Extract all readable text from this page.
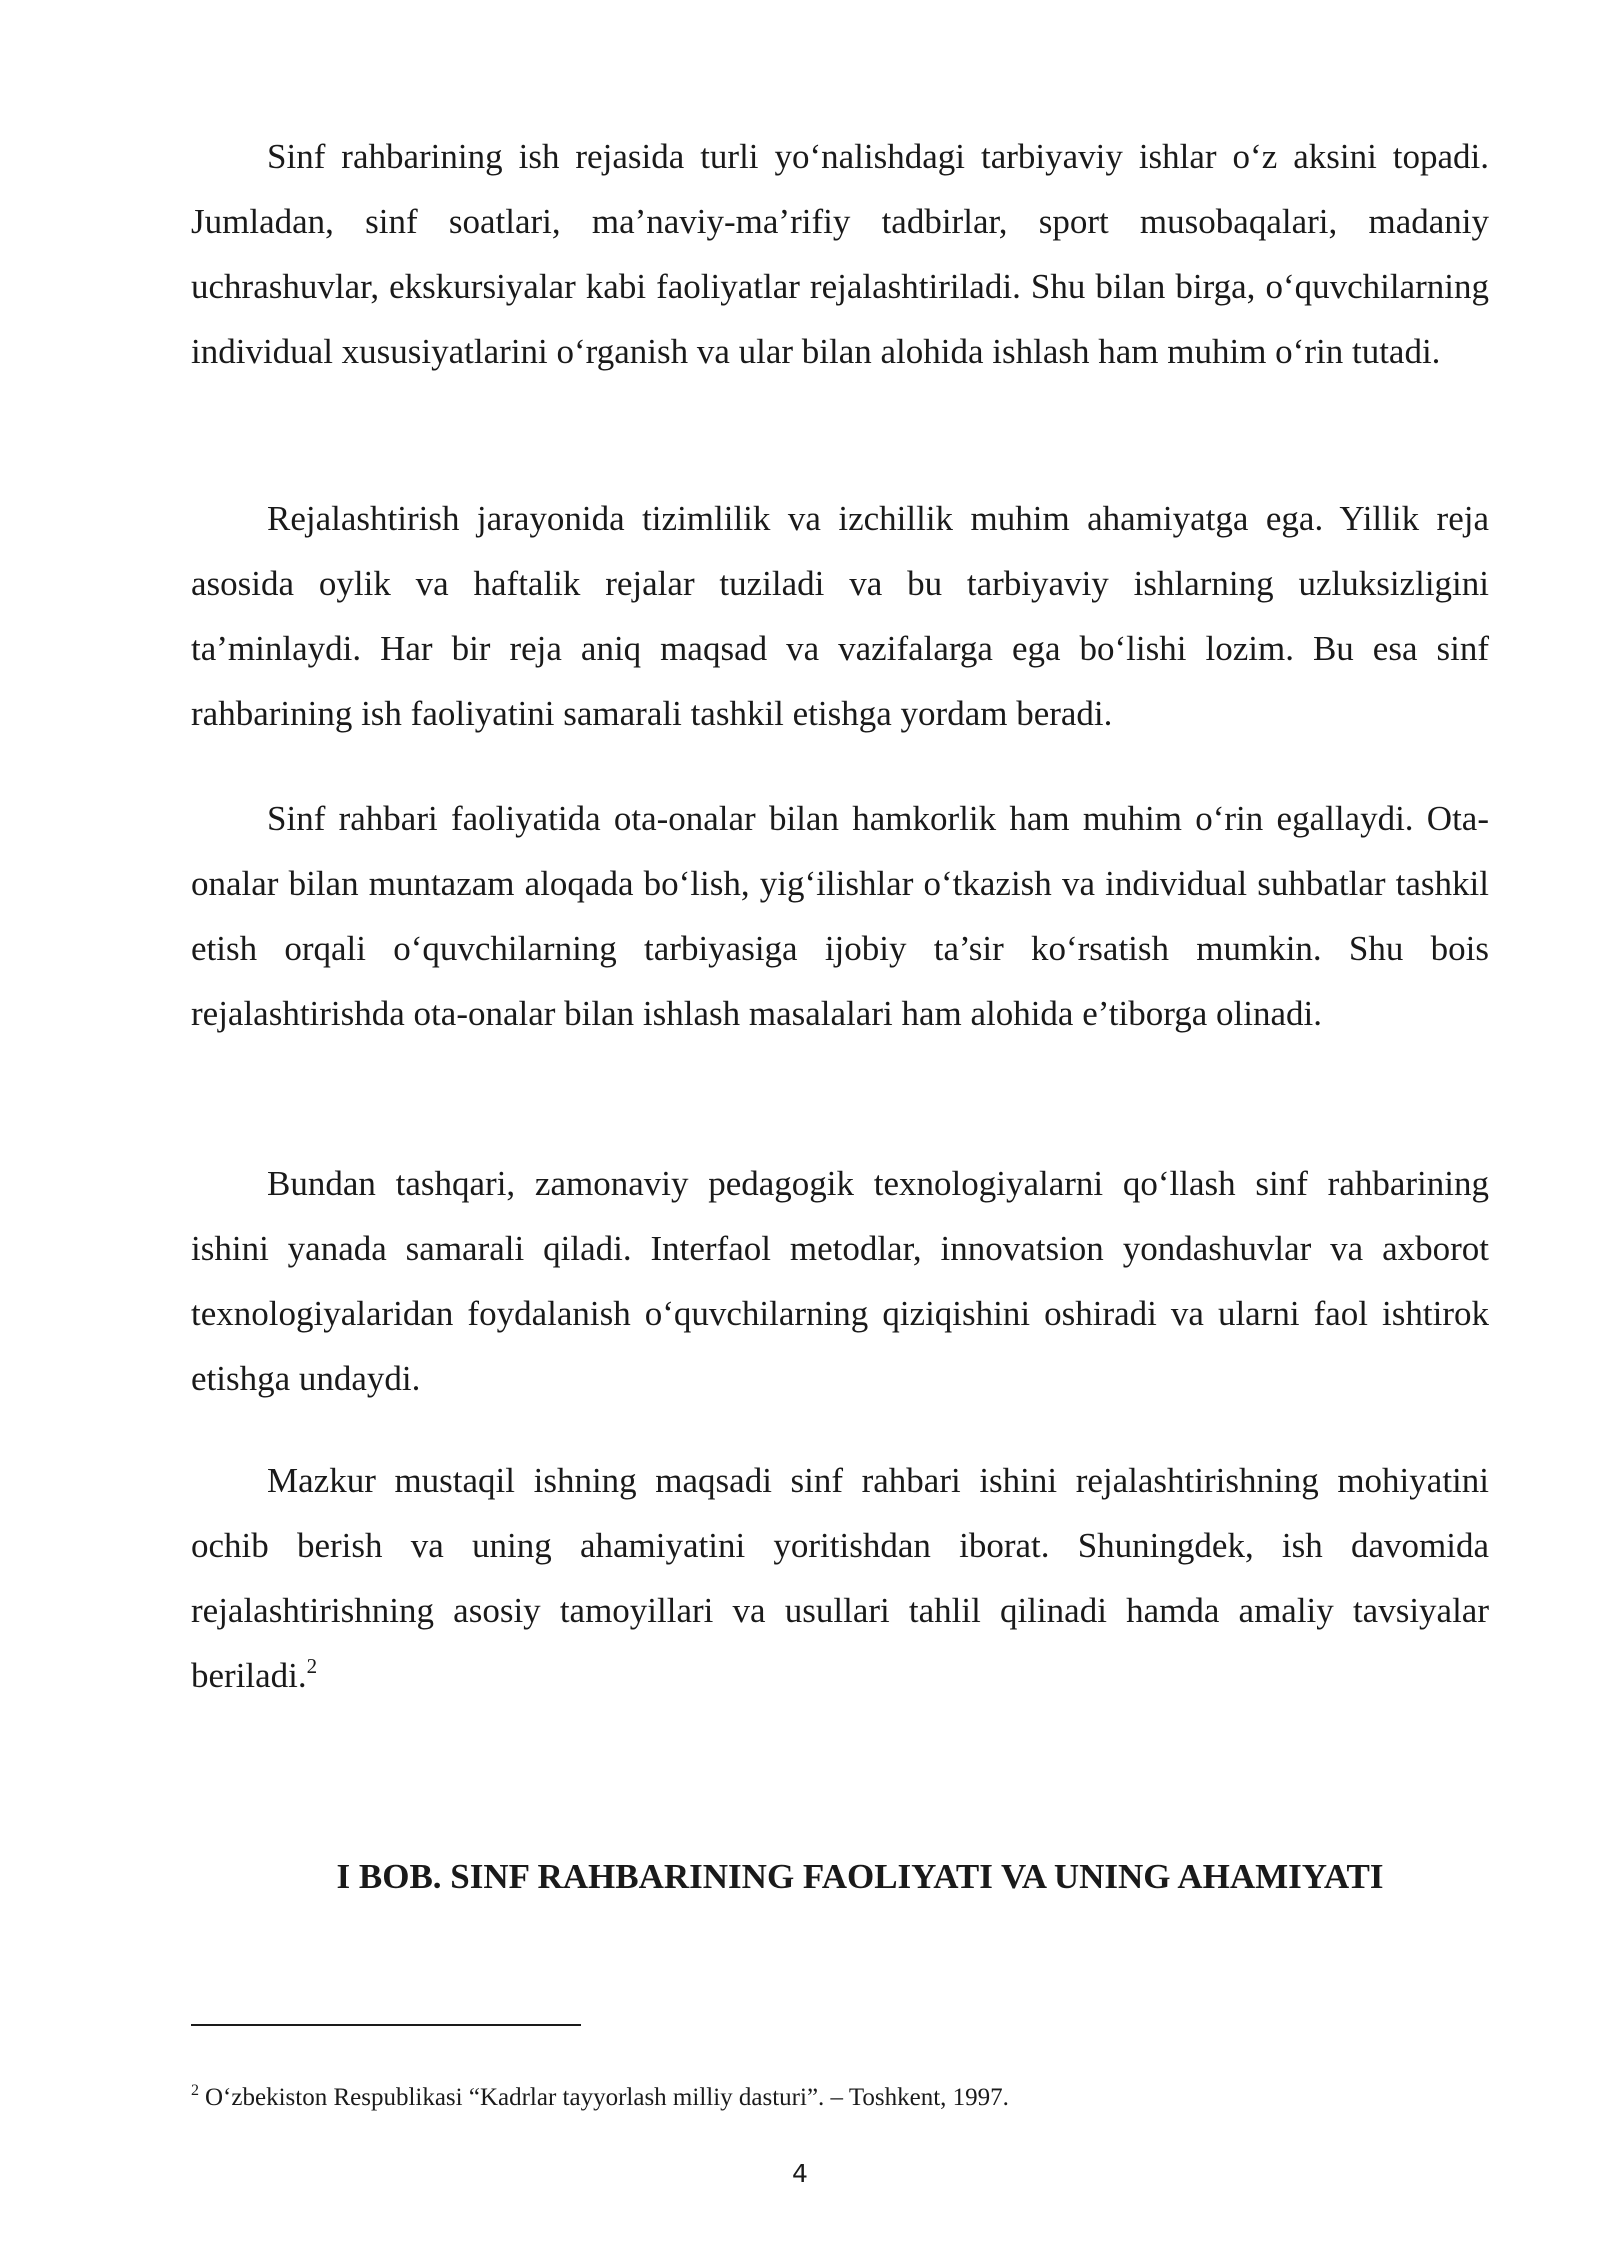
Sinf rahbarining ish rejasida turli yo‘nalishdagi tarbiyaviy ishlar o‘z aksini topadi. Jumladan, sinf soatlari, ma’naviy-ma’rifiy tadbirlar, sport musobaqalari, madaniy uchrashuvlar, ekskursiyalar kabi faoliyatlar rejalashtiriladi. Shu bilan birga, o‘quvchilarning individual xususiyatlarini o‘rganish va ular bilan alohida ishlash ham muhim o‘rin tutadi.

Rejalashtirish jarayonida tizimlilik va izchillik muhim ahamiyatga ega. Yillik reja asosida oylik va haftalik rejalar tuziladi va bu tarbiyaviy ishlarning uzluksizligini ta’minlaydi. Har bir reja aniq maqsad va vazifalarga ega bo‘lishi lozim. Bu esa sinf rahbarining ish faoliyatini samarali tashkil etishga yordam beradi.

Sinf rahbari faoliyatida ota-onalar bilan hamkorlik ham muhim o‘rin egallaydi. Ota-onalar bilan muntazam aloqada bo‘lish, yig‘ilishlar o‘tkazish va individual suhbatlar tashkil etish orqali o‘quvchilarning tarbiyasiga ijobiy ta’sir ko‘rsatish mumkin. Shu bois rejalashtirishda ota-onalar bilan ishlash masalalari ham alohida e’tiborga olinadi.

Bundan tashqari, zamonaviy pedagogik texnologiyalarni qo‘llash sinf rahbarining ishini yanada samarali qiladi. Interfaol metodlar, innovatsion yondashuvlar va axborot texnologiyalaridan foydalanish o‘quvchilarning qiziqishini oshiradi va ularni faol ishtirok etishga undaydi.

Mazkur mustaqil ishning maqsadi sinf rahbari ishini rejalashtirishning mohiyatini ochib berish va uning ahamiyatini yoritishdan iborat. Shuningdek, ish davomida rejalashtirishning asosiy tamoyillari va usullari tahlil qilinadi hamda amaliy tavsiyalar beriladi.$^2$

I BOB. SINF RAHBARINING FAOLIYATI VA UNING AHAMIYATI

$^2$ O‘zbekiston Respublikasi “Kadrlar tayyorlash milliy dasturi”. – Toshkent, 1997.

4
